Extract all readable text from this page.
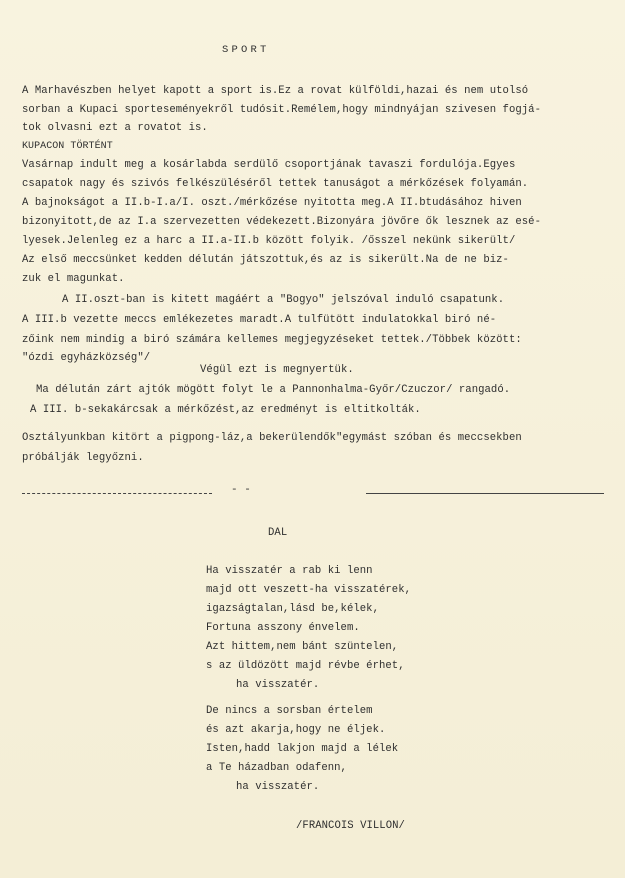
SPORT
A Marhavészben helyet kapott a sport is.Ez a rovat külföldi,hazai és nem utolsó
sorban a Kupaci sporteseményekről tudósit.Remélem,hogy mindnyájan szivesen fogjá-
tok olvasni ezt a rovatot is.
KUPACON TÖRTÉNT
Vasárnap indult meg a kosárlabda serdülő csoportjának tavaszi fordulója.Egyes
csapatok nagy és szivós felkészüléséről tettek tanuságot a mérkőzések folyamán.
A bajnokságot a II.b-I.a/I. oszt./mérkőzése nyitotta meg.A II.btudásához hiven
bizonyitott,de az I.a szervezetten védekezett.Bizonyára jövőre ők lesznek az esé-
lyesek.Jelenleg ez a harc a II.a-II.b között folyik. /ősszel nekünk sikerült/
Az első meccsünket kedden délután játszottuk,és az is sikerült.Na de ne biz-
zuk el magunkat.
A II.oszt-ban is kitett magáért a "Bogyo" jelszóval induló csapatunk.
A III.b vezette meccs emlékezetes maradt.A tulfütött indulatokkal biró né-
zőink nem mindig a biró számára kellemes megjegyzéseket tettek./Többek között:
"ózdi egyházközség"/
Végül ezt is megnyertük.
Ma délután zárt ajtók mögött folyt le a Pannonhalma-Győr/Czuczor/ rangadó.
A III. b-sekakárcsak a mérkőzést,az eredményt is eltitkolták.
Osztályunkban kitört a pigpong-láz,a bekerülendők"egymást szóban és meccsekben
próbálják legyőzni.
- -
DAL
Ha visszatér a rab ki lenn
majd ott veszett-ha visszatérek,
igazságtalan,lásd be,kélek,
Fortuna asszony énvelem.
Azt hittem,nem bánt szüntelen,
s az üldözött majd révbe érhet,
ha visszatér.
De nincs a sorsban értelem
és azt akarja,hogy ne éljek.
Isten,hadd lakjon majd a lélek
a Te házadban odafenn,
ha visszatér.
/FRANCOIS VILLON/
